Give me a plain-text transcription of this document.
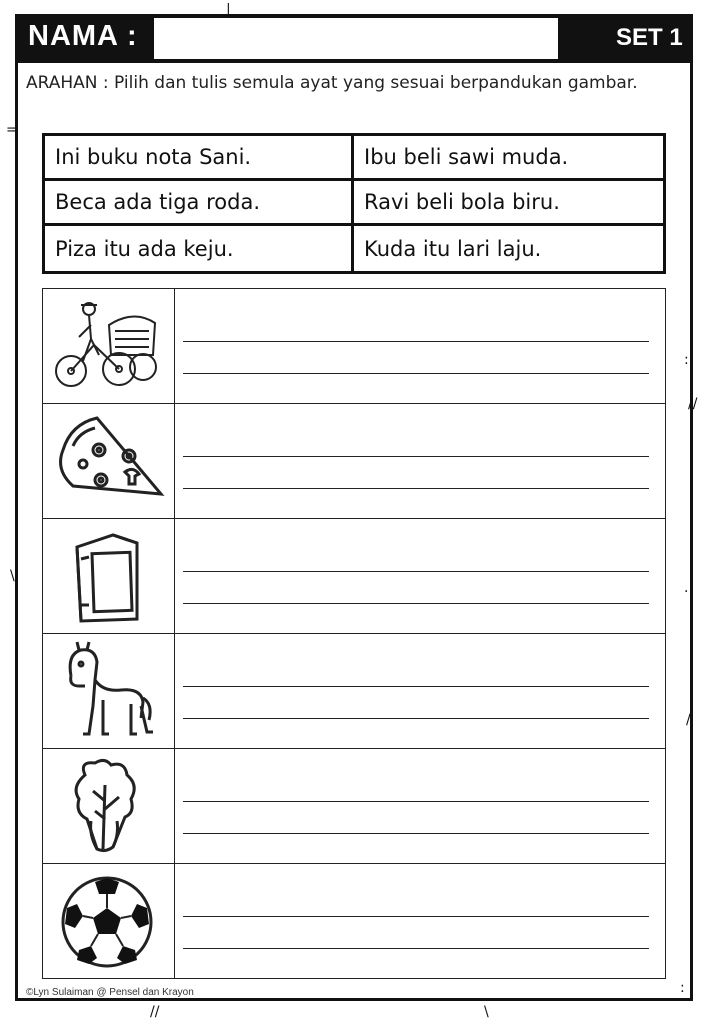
NAMA :	SET 1
ARAHAN : Pilih dan tulis semula ayat yang sesuai berpandukan gambar.
Ini buku nota Sani.	Ibu beli sawi muda.
Beca ada tiga roda.	Ravi beli bola biru.
Piza itu ada keju.	Kuda itu lari laju.
©Lyn Sulaiman @ Pensel dan Krayon
|
=
:
//
:
\
·
/
:
:
//	\
